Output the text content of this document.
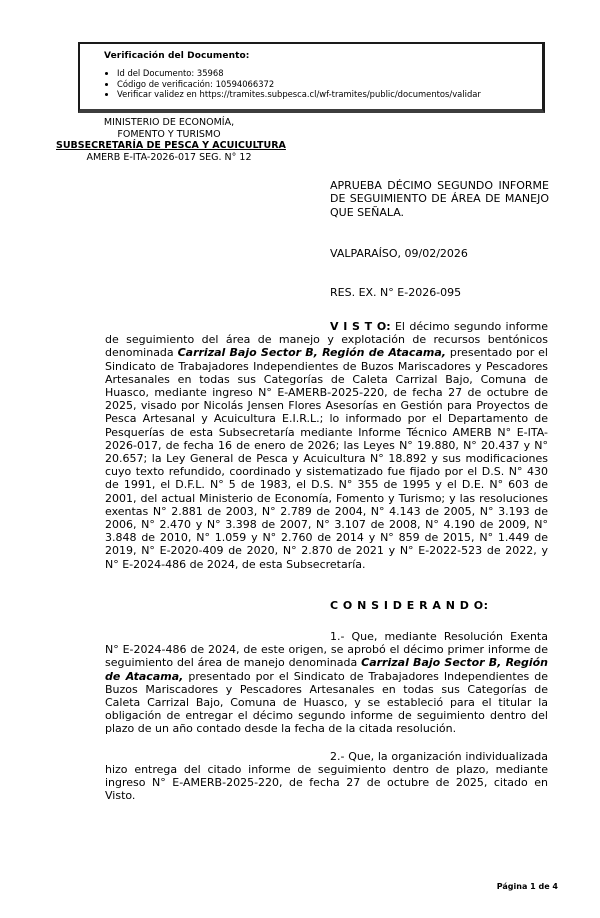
Verificación del Documento:
• Id del Documento: 35968
• Código de verificación: 10594066372
• Verificar validez en https://tramites.subpesca.cl/wf-tramites/public/documentos/validar
MINISTERIO DE ECONOMÍA,
FOMENTO Y TURISMO
SUBSECRETARÍA DE PESCA Y ACUICULTURA
AMERB E-ITA-2026-017 SEG. N° 12
APRUEBA DÉCIMO SEGUNDO INFORME DE SEGUIMIENTO DE ÁREA DE MANEJO QUE SEÑALA.
VALPARAÍSO, 09/02/2026
RES. EX. N° E-2026-095

V I S T O: El décimo segundo informe de seguimiento del área de manejo y explotación de recursos bentónicos denominada Carrizal Bajo Sector B, Región de Atacama, presentado por el Sindicato de Trabajadores Independientes de Buzos Mariscadores y Pescadores Artesanales en todas sus Categorías de Caleta Carrizal Bajo, Comuna de Huasco, mediante ingreso N° E-AMERB-2025-220, de fecha 27 de octubre de 2025, visado por Nicolás Jensen Flores Asesorías en Gestión para Proyectos de Pesca Artesanal y Acuicultura E.I.R.L.; lo informado por el Departamento de Pesquerías de esta Subsecretaría mediante Informe Técnico AMERB N° E-ITA-2026-017, de fecha 16 de enero de 2026; las Leyes N° 19.880, N° 20.437 y N° 20.657; la Ley General de Pesca y Acuicultura N° 18.892 y sus modificaciones cuyo texto refundido, coordinado y sistematizado fue fijado por el D.S. N° 430 de 1991, el D.F.L. N° 5 de 1983, el D.S. N° 355 de 1995 y el D.E. N° 603 de 2001, del actual Ministerio de Economía, Fomento y Turismo; y las resoluciones exentas N° 2.881 de 2003, N° 2.789 de 2004, N° 4.143 de 2005, N° 3.193 de 2006, N° 2.470 y N° 3.398 de 2007, N° 3.107 de 2008, N° 4.190 de 2009, N° 3.848 de 2010, N° 1.059 y N° 2.760 de 2014 y N° 859 de 2015, N° 1.449 de 2019, N° E-2020-409 de 2020, N° 2.870 de 2021 y N° E-2022-523 de 2022, y N° E-2024-486 de 2024, de esta Subsecretaría.

C O N S I D E R A N D O:

1.- Que, mediante Resolución Exenta N° E-2024-486 de 2024, de este origen, se aprobó el décimo primer informe de seguimiento del área de manejo denominada Carrizal Bajo Sector B, Región de Atacama, presentado por el Sindicato de Trabajadores Independientes de Buzos Mariscadores y Pescadores Artesanales en todas sus Categorías de Caleta Carrizal Bajo, Comuna de Huasco, y se estableció para el titular la obligación de entregar el décimo segundo informe de seguimiento dentro del plazo de un año contado desde la fecha de la citada resolución.

2.- Que, la organización individualizada hizo entrega del citado informe de seguimiento dentro de plazo, mediante ingreso N° E-AMERB-2025-220, de fecha 27 de octubre de 2025, citado en Visto.

Página 1 de 4
